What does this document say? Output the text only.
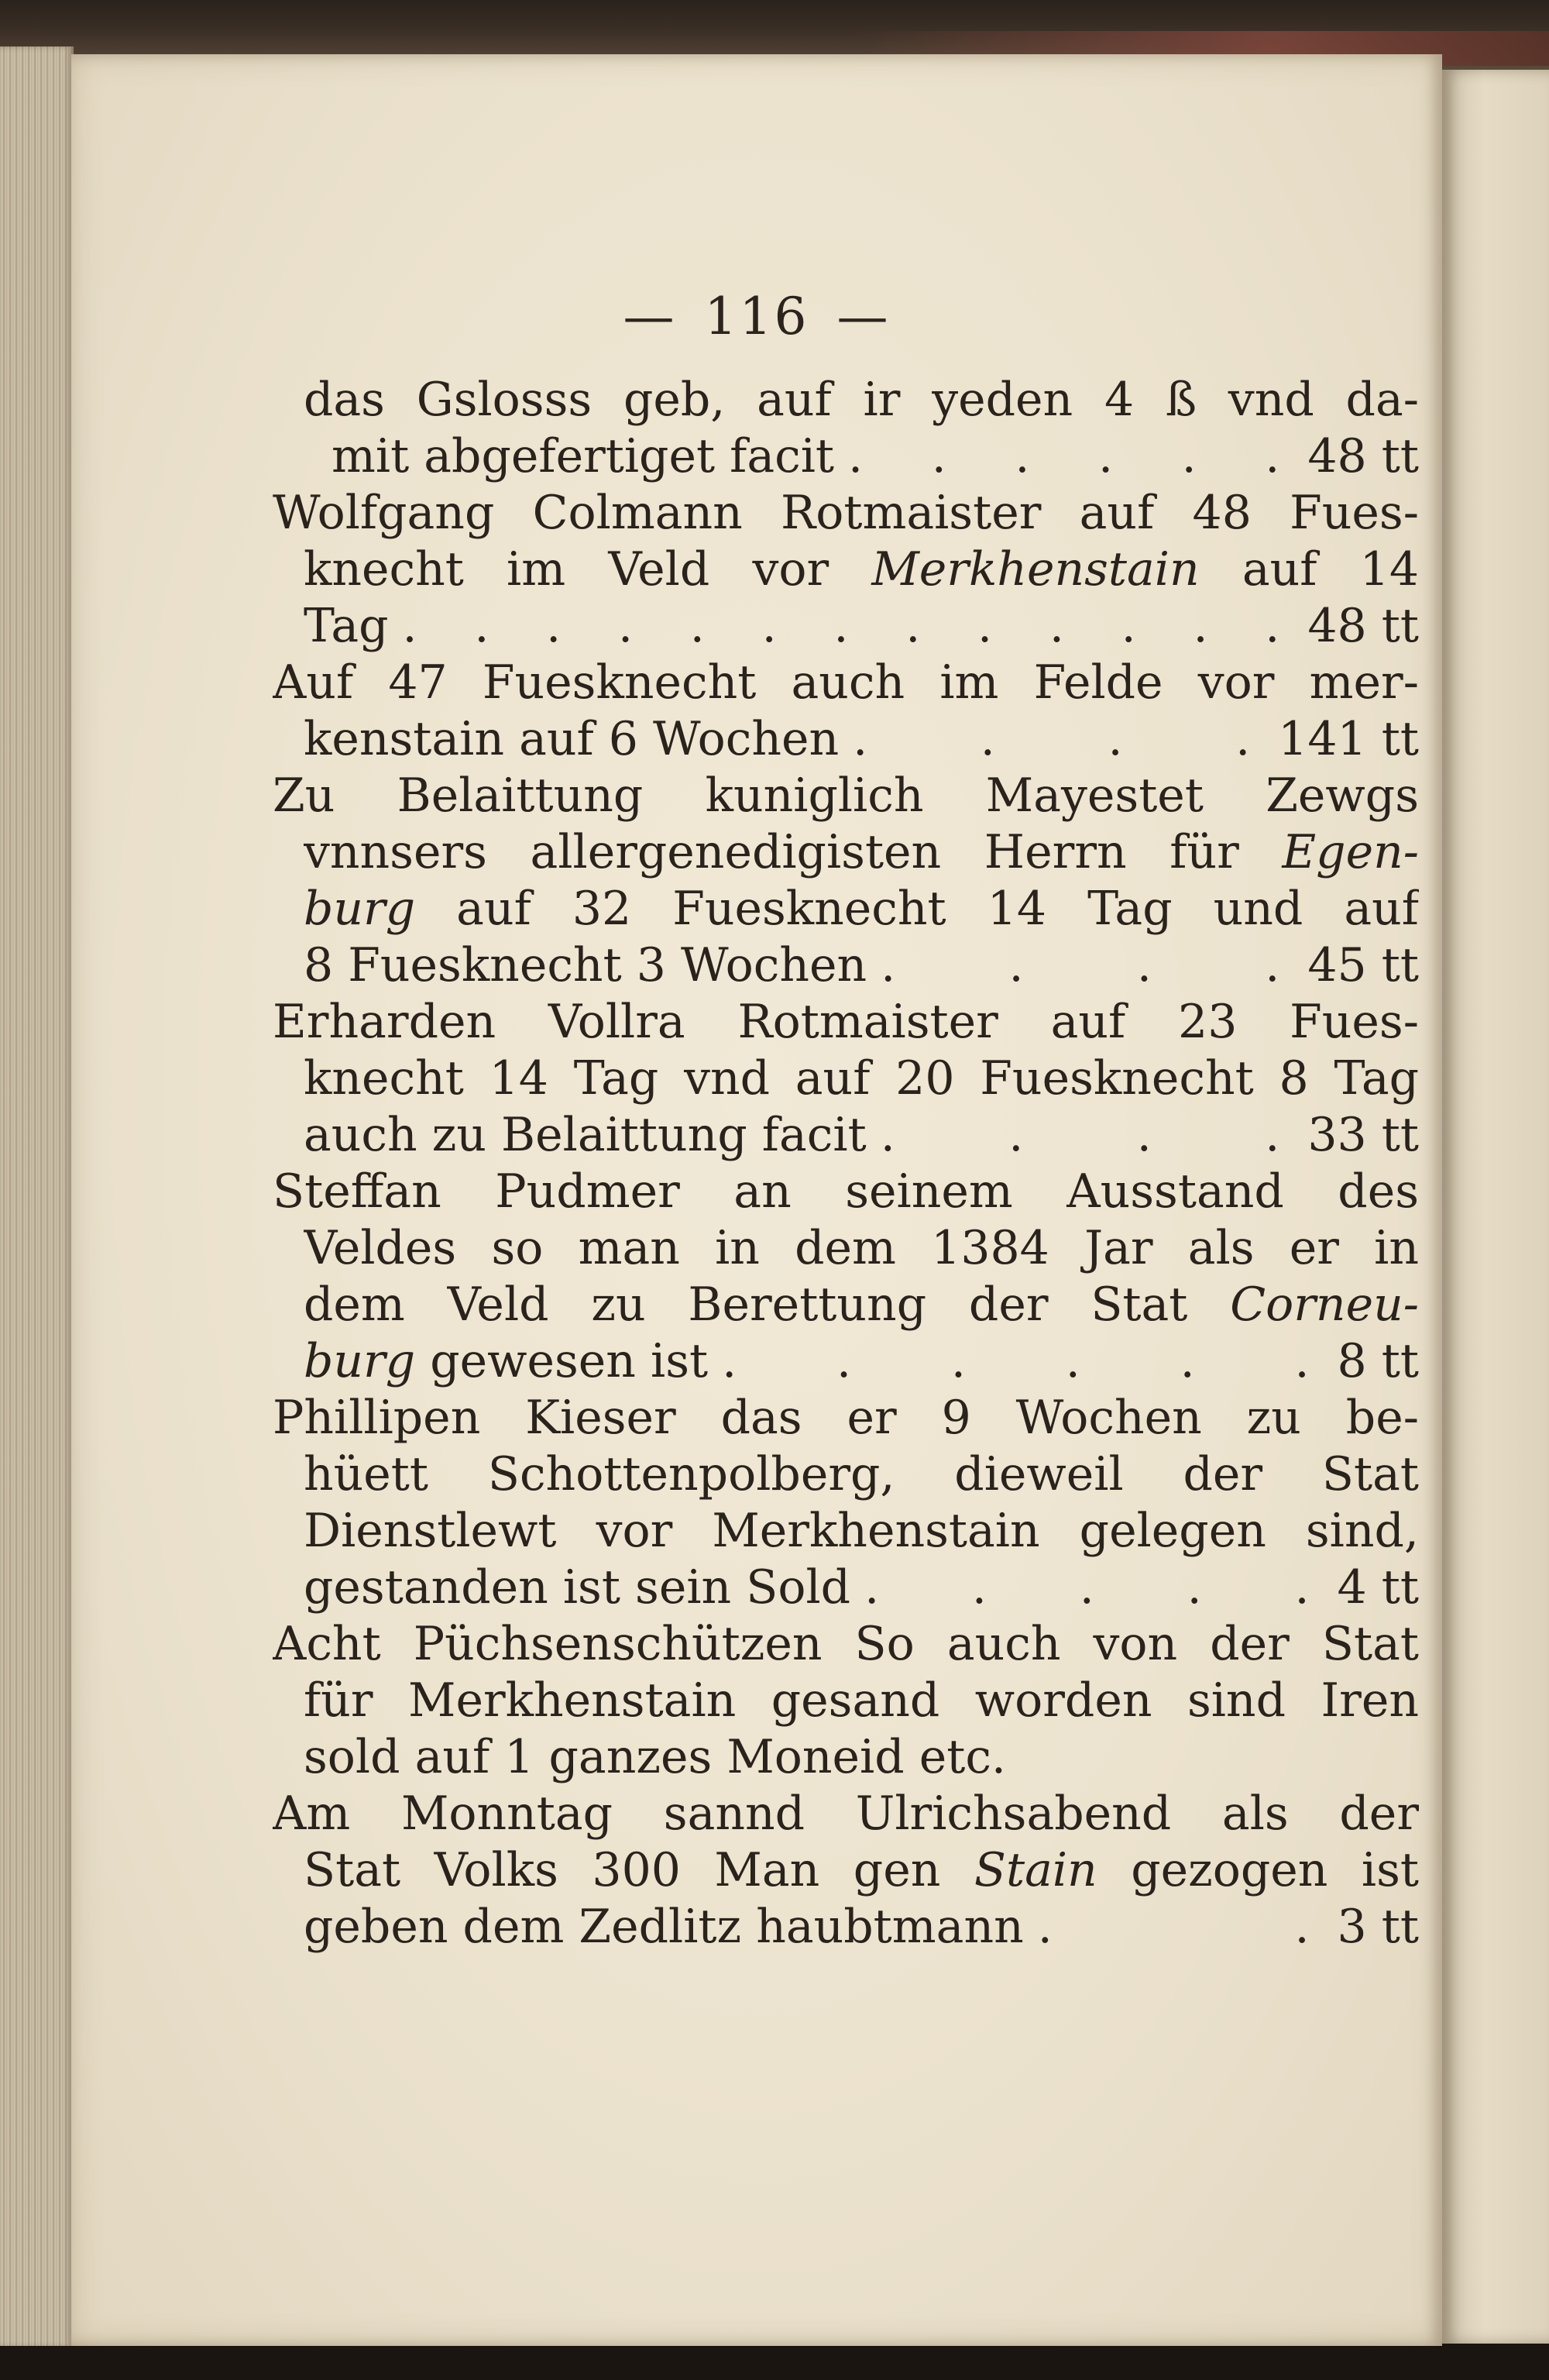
— 116 —
das Gslosss geb, auf ir yeden 4 ß vnd da-
mit abgefertiget facit . . . . . . 48 tt
Wolfgang Colmann Rotmaister auf 48 Fues-
knecht im Veld vor Merkhenstain auf 14
Tag . . . . . . . . . . . . . 48 tt
Auf 47 Fuesknecht auch im Felde vor mer-
kenstain auf 6 Wochen . . . . 141 tt
Zu Belaittung kuniglich Mayestet Zewgs
vnnsers allergenedigisten Herrn für Egen-
burg auf 32 Fuesknecht 14 Tag und auf
8 Fuesknecht 3 Wochen . . . . 45 tt
Erharden Vollra Rotmaister auf 23 Fues-
knecht 14 Tag vnd auf 20 Fuesknecht 8 Tag
auch zu Belaittung facit . . . . 33 tt
Steffan Pudmer an seinem Ausstand des
Veldes so man in dem 1384 Jar als er in
dem Veld zu Berettung der Stat Corneu-
burg gewesen ist . . . . . . 8 tt
Phillipen Kieser das er 9 Wochen zu be-
hüett Schottenpolberg, dieweil der Stat
Dienstlewt vor Merkhenstain gelegen sind,
gestanden ist sein Sold . . . . . 4 tt
Acht Püchsenschützen So auch von der Stat
für Merkhenstain gesand worden sind Iren
sold auf 1 ganzes Moneid etc.
Am Monntag sannd Ulrichsabend als der
Stat Volks 300 Man gen Stain gezogen ist
geben dem Zedlitz haubtmann . . 3 tt
